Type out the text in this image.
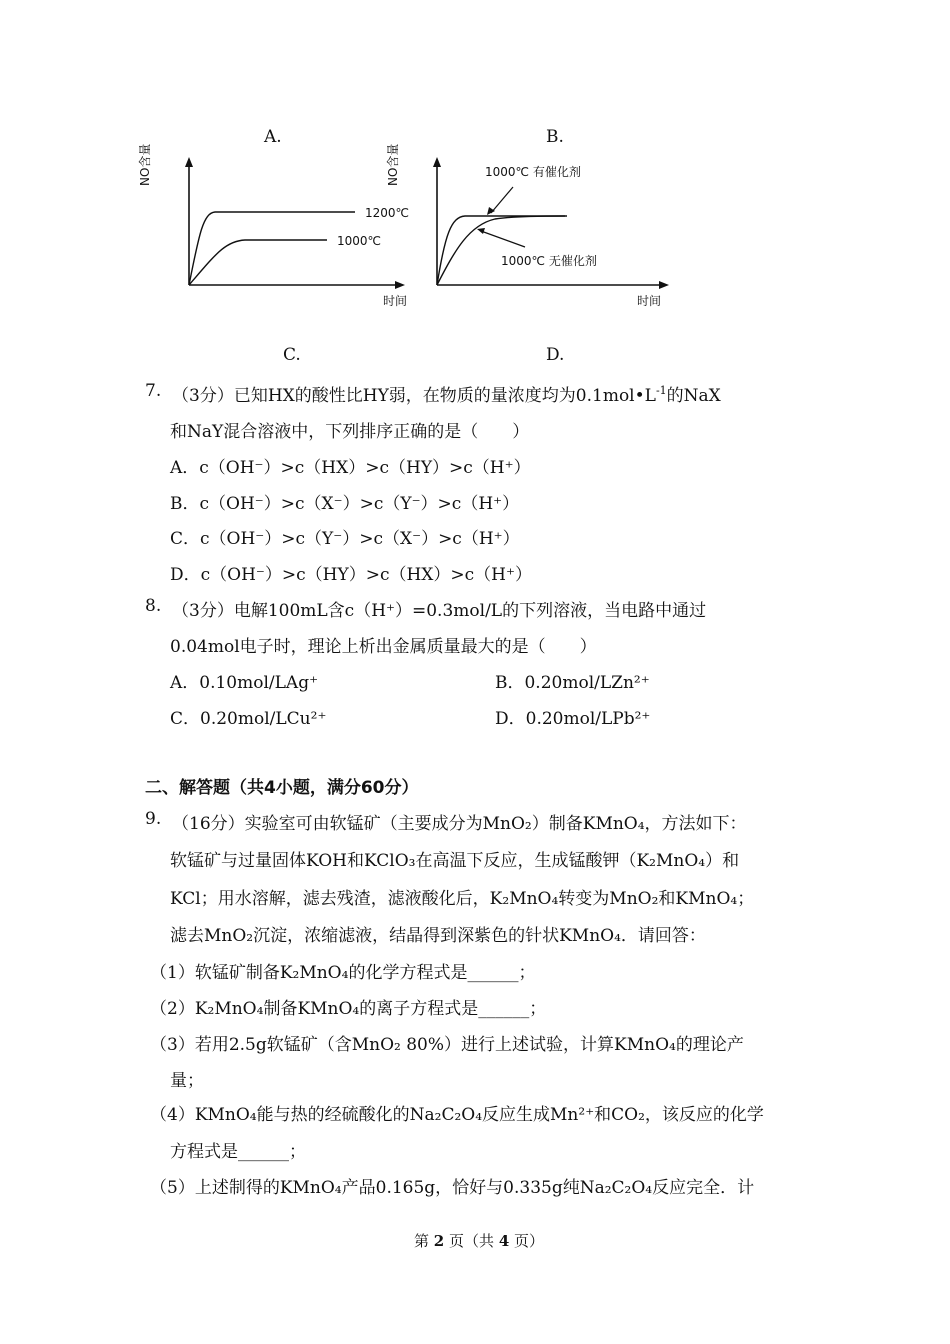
A.	B.
1200℃
1000℃
时间
NO含量	1000℃ 有催化剂
1000℃ 无催化剂
时间
NO含量
C.	D.
7. （3分）已知HX的酸性比HY弱，在物质的量浓度均为$0.1mol•L^{-1}$的NaX
和NaY混合溶液中，下列排序正确的是（　　）
A．c（OH⁻）>c（HX）>c（HY）>c（H⁺）
B．c（OH⁻）>c（X⁻）>c（Y⁻）>c（H⁺）
C．c（OH⁻）>c（Y⁻）>c（X⁻）>c（H⁺）
D．c（OH⁻）>c（HY）>c（HX）>c（H⁺）
8. （3分）电解100mL含c（H⁺）=0.3mol/L的下列溶液，当电路中通过
0.04mol电子时，理论上析出金属质量最大的是（　　）
A．0.10mol/LAg⁺	B．0.20mol/LZn²⁺
C．0.20mol/LCu²⁺	D．0.20mol/LPb²⁺
二、解答题（共4小题，满分60分）
9. （16分）实验室可由软锰矿（主要成分为MnO₂）制备KMnO₄，方法如下：
软锰矿与过量固体KOH和KClO₃在高温下反应，生成锰酸钾（K₂MnO₄）和
KCl；用水溶解，滤去残渣，滤液酸化后，K₂MnO₄转变为MnO₂和KMnO₄；
滤去MnO₂沉淀，浓缩滤液，结晶得到深紫色的针状KMnO₄．请回答：
（1）软锰矿制备K₂MnO₄的化学方程式是______；
（2）K₂MnO₄制备KMnO₄的离子方程式是______；
（3）若用2.5g软锰矿（含MnO₂ 80%）进行上述试验，计算KMnO₄的理论产
量；
（4）KMnO₄能与热的经硫酸化的Na₂C₂O₄反应生成Mn²⁺和CO₂，该反应的化学
方程式是______；
（5）上述制得的KMnO₄产品0.165g，恰好与0.335g纯Na₂C₂O₄反应完全．计
第 2 页（共 4 页）
